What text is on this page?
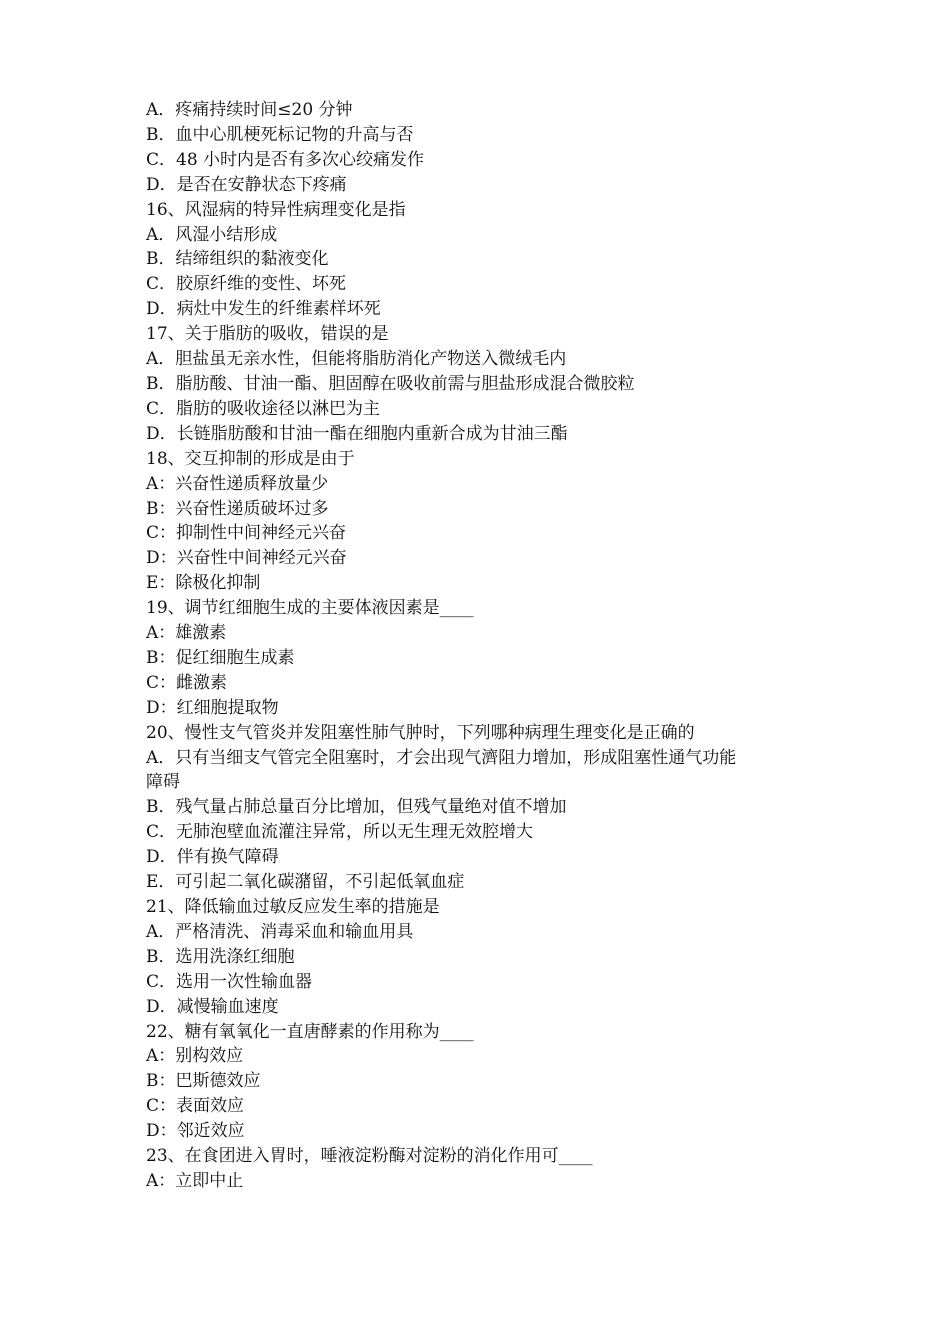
A．疼痛持续时间≤20 分钟
B．血中心肌梗死标记物的升高与否
C．48 小时内是否有多次心绞痛发作
D．是否在安静状态下疼痛
16、风湿病的特异性病理变化是指
A．风湿小结形成
B．结缔组织的黏液变化
C．胶原纤维的变性、坏死
D．病灶中发生的纤维素样坏死
17、关于脂肪的吸收，错误的是
A．胆盐虽无亲水性，但能将脂肪消化产物送入微绒毛内
B．脂肪酸、甘油一酯、胆固醇在吸收前需与胆盐形成混合微胶粒
C．脂肪的吸收途径以淋巴为主
D．长链脂肪酸和甘油一酯在细胞内重新合成为甘油三酯
18、交互抑制的形成是由于
A：兴奋性递质释放量少
B：兴奋性递质破坏过多
C：抑制性中间神经元兴奋
D：兴奋性中间神经元兴奋
E：除极化抑制
19、调节红细胞生成的主要体液因素是____
A：雄激素
B：促红细胞生成素
C：雌激素
D：红细胞提取物
20、慢性支气管炎并发阻塞性肺气肿时，下列哪种病理生理变化是正确的
A．只有当细支气管完全阻塞时，才会出现气濟阻力增加，形成阻塞性通气功能
障碍
B．残气量占肺总量百分比增加，但残气量绝对值不增加
C．无肺泡壁血流灌注异常，所以无生理无效腔增大
D．伴有换气障碍
E．可引起二氧化碳潴留，不引起低氧血症
21、降低输血过敏反应发生率的措施是
A．严格清洗、消毒采血和输血用具
B．选用洗涤红细胞
C．选用一次性输血器
D．减慢输血速度
22、糖有氧氧化一直唐酵素的作用称为____
A：别构效应
B：巴斯德效应
C：表面效应
D：邻近效应
23、在食团进入胃时，唾液淀粉酶对淀粉的消化作用可____
A：立即中止
